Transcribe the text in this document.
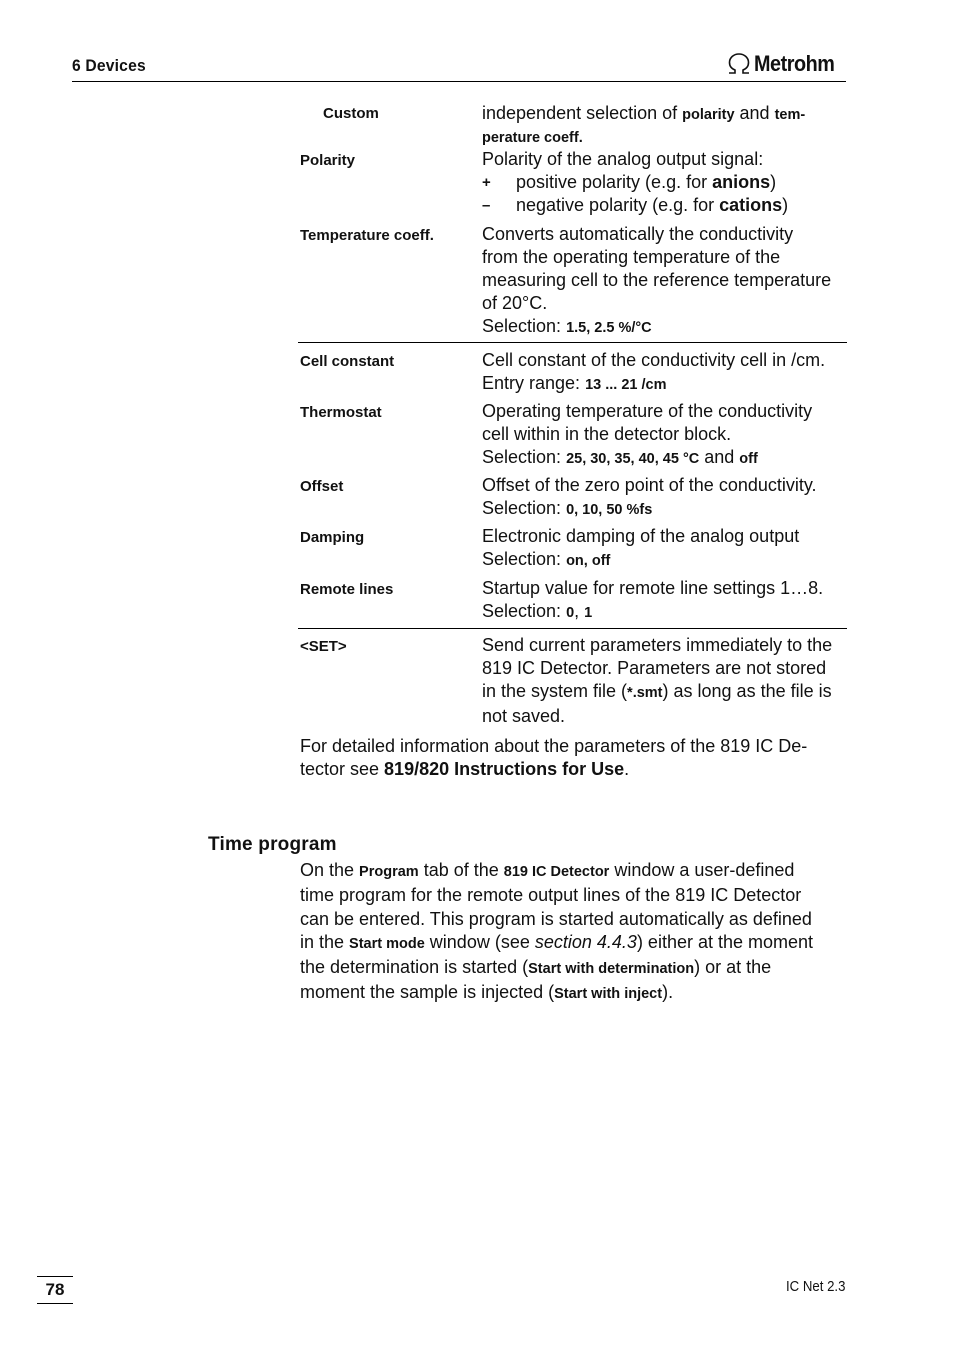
6 Devices	Metrohm
Custom	independent selection of polarity and tem-
perature coeff.
Polarity	Polarity of the analog output signal:
+	positive polarity (e.g. for anions)
–	negative polarity (e.g. for cations)
Temperature coeff.	Converts automatically the conductivity
from the operating temperature of the
measuring cell to the reference temperature
of 20°C.
Selection: 1.5, 2.5 %/°C
Cell constant	Cell constant of the conductivity cell in /cm.
Entry range: 13 ... 21 /cm
Thermostat	Operating temperature of the conductivity
cell within in the detector block.
Selection: 25, 30, 35, 40, 45 °C and off
Offset	Offset of the zero point of the conductivity.
Selection: 0, 10, 50 %fs
Damping	Electronic damping of the analog output
Selection: on, off
Remote lines	Startup value for remote line settings 1…8.
Selection: 0, 1
<SET>	Send current parameters immediately to the
819 IC Detector. Parameters are not stored
in the system file (*.smt) as long as the file is
not saved.
For detailed information about the parameters of the 819 IC De-
tector see 819/820 Instructions for Use.
Time program
On the Program tab of the 819 IC Detector window a user-defined
time program for the remote output lines of the 819 IC Detector
can be entered. This program is started automatically as defined
in the Start mode window (see section 4.4.3) either at the moment
the determination is started (Start with determination) or at the
moment the sample is injected (Start with inject).
78	IC Net 2.3
